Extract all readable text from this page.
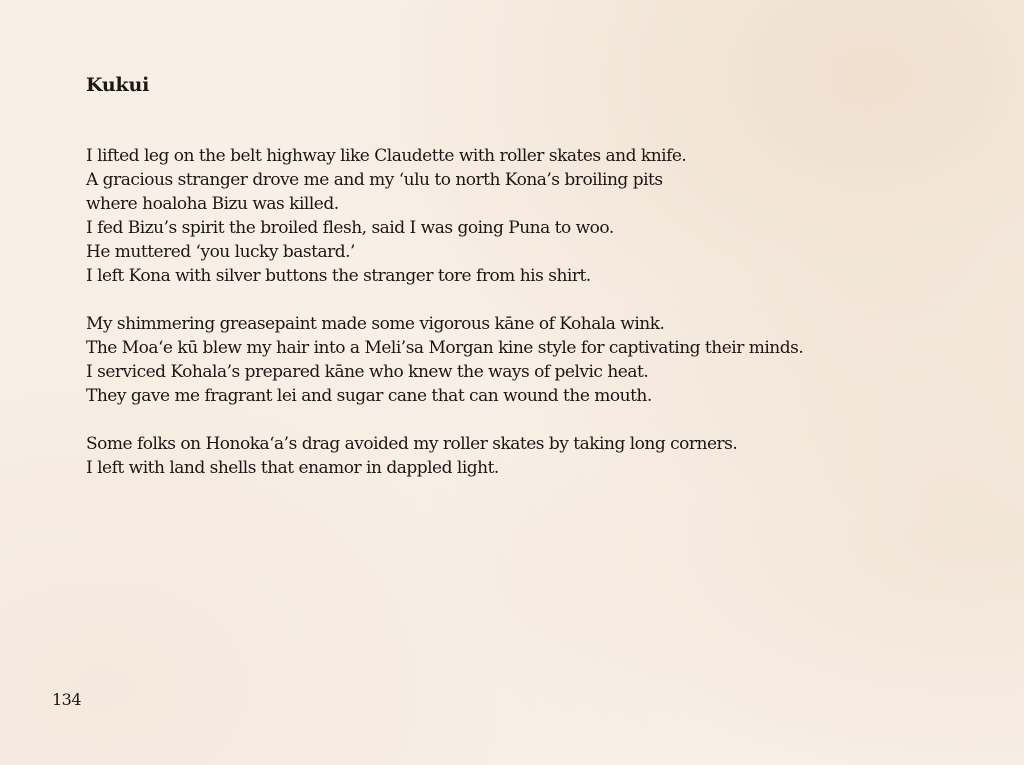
Kukui
I lifted leg on the belt highway like Claudette with roller skates and knife.
A gracious stranger drove me and my ‘ulu to north Kona’s broiling pits
where hoaloha Bizu was killed.
I fed Bizu’s spirit the broiled flesh, said I was going Puna to woo.
He muttered ‘you lucky bastard.’
I left Kona with silver buttons the stranger tore from his shirt.
My shimmering greasepaint made some vigorous kāne of Kohala wink.
The Moa‘e kū blew my hair into a Meli’sa Morgan kine style for captivating their minds.
I serviced Kohala’s prepared kāne who knew the ways of pelvic heat.
They gave me fragrant lei and sugar cane that can wound the mouth.
Some folks on Honoka‘a’s drag avoided my roller skates by taking long corners.
I left with land shells that enamor in dappled light.
134
